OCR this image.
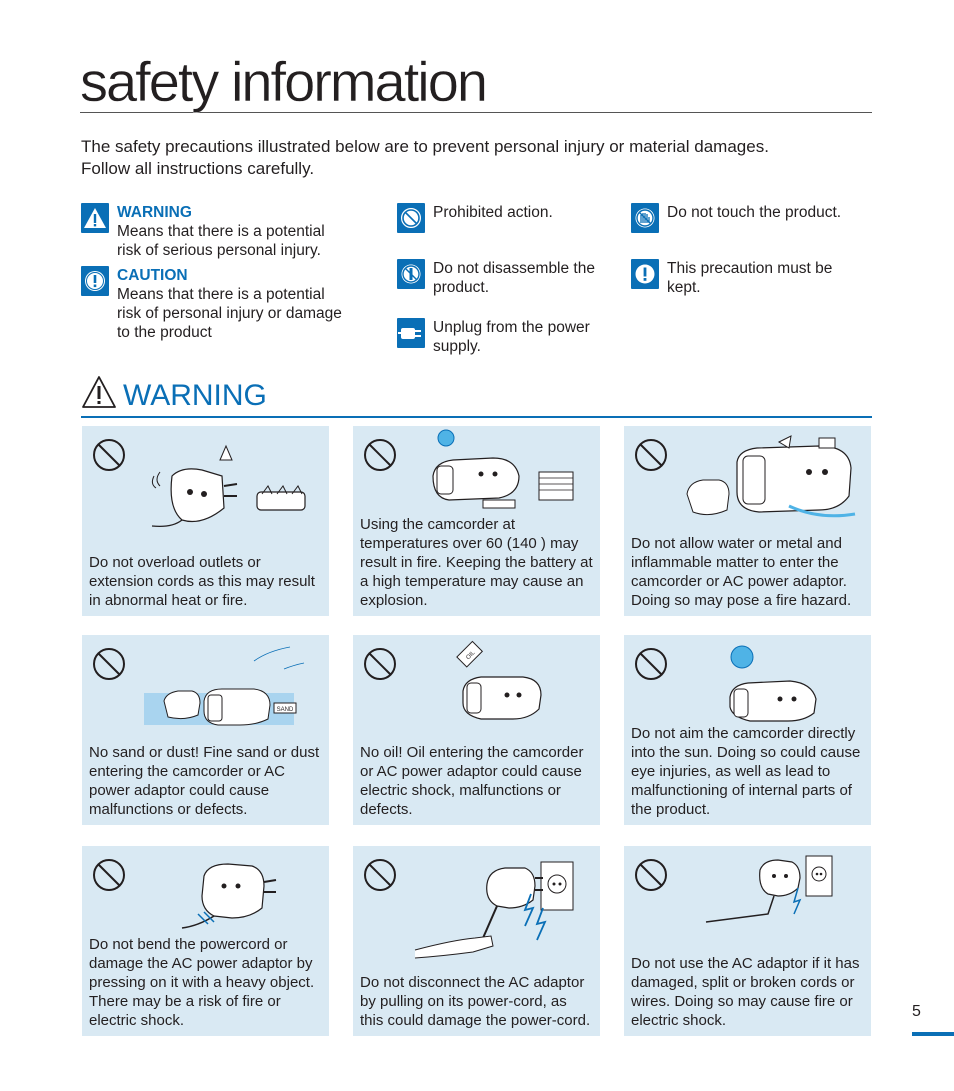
safety information
The safety precautions illustrated below are to prevent personal injury or material damages.
Follow all instructions carefully.
WARNING
Means that there is a potential risk of serious personal injury.
CAUTION
Means that there is a potential risk of personal injury or damage to the product
Prohibited action.
Do not disassemble the product.
Unplug from the power supply.
Do not touch the product.
This precaution must be kept.
WARNING
Do not overload outlets or extension cords as this may result in abnormal heat or fire.
Using the camcorder at temperatures over 60 (140 ) may result in fire. Keeping the battery at a high temperature may cause an explosion.
Do not allow water or metal and inflammable matter to enter the camcorder or AC power adaptor. Doing so may pose a fire hazard.
SAND
No sand or dust! Fine sand or dust entering the camcorder or AC power adaptor could cause malfunctions or defects.
OIL
No oil! Oil entering the camcorder or AC power adaptor could cause electric shock, malfunctions or defects.
Do not aim the camcorder directly into the sun. Doing so could cause eye injuries, as well as lead to malfunctioning of internal parts of the product.
Do not bend the powercord or damage the AC power adaptor by pressing on it with a heavy object. There may be a risk of fire or electric shock.
Do not disconnect the AC adaptor by pulling on its power-cord, as this could damage the power-cord.
Do not use the AC adaptor if it has damaged, split or broken cords or wires. Doing so may cause fire or electric shock.
5
